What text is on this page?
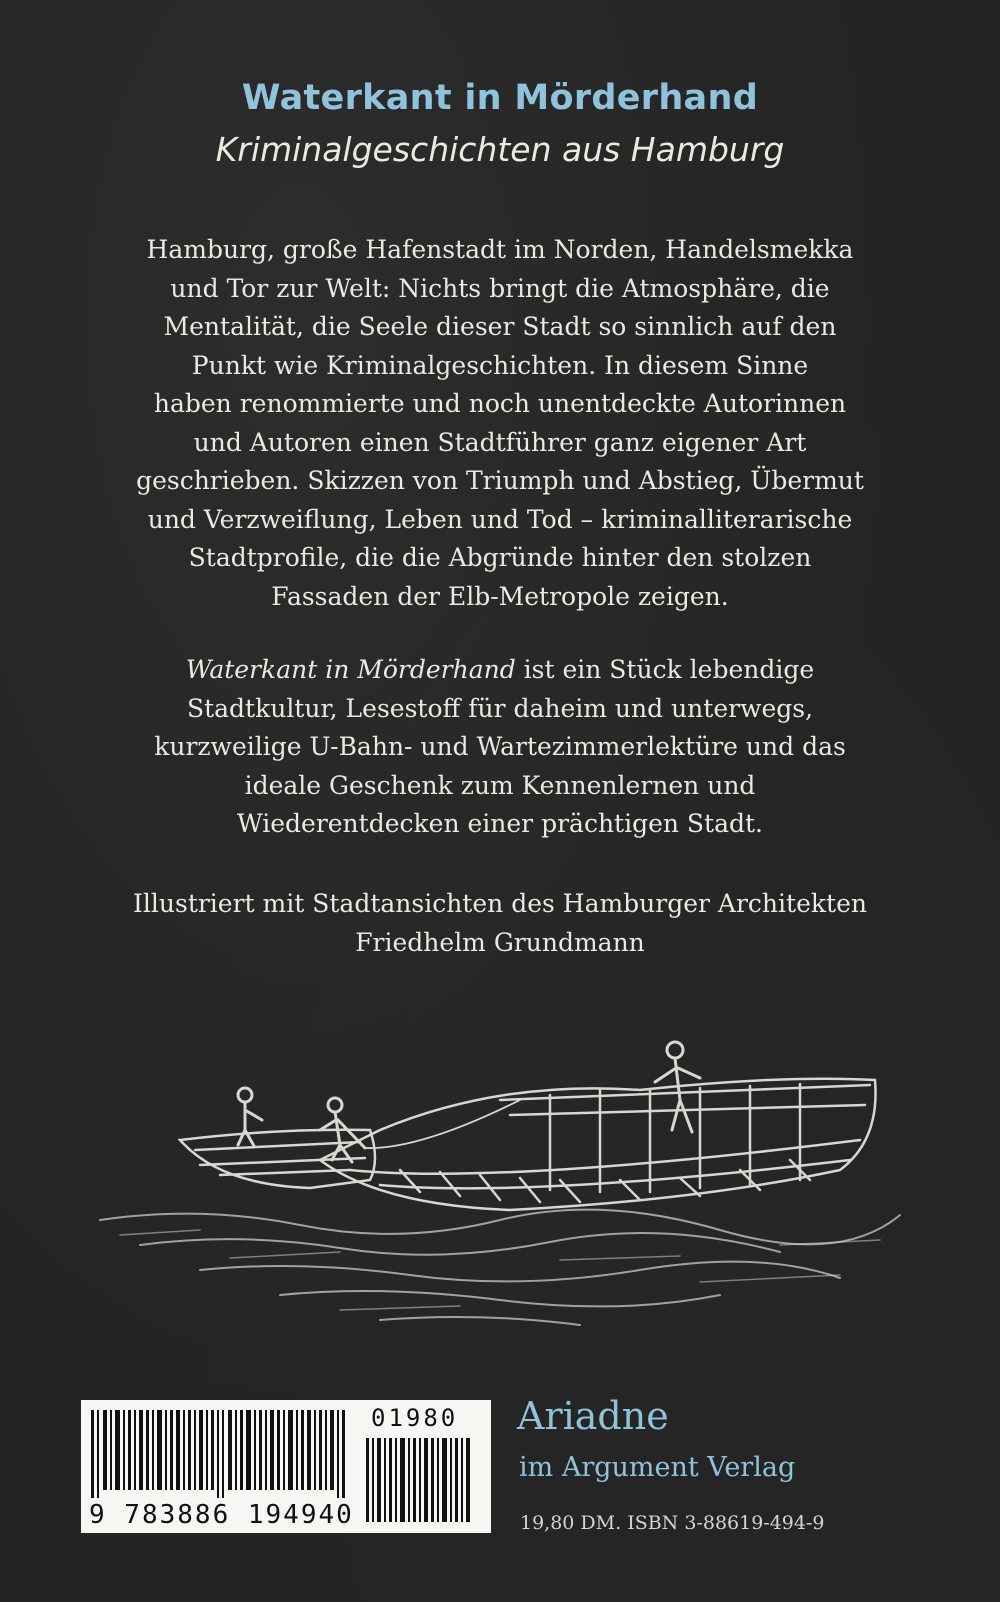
Waterkant in Mörderhand
Kriminalgeschichten aus Hamburg

Hamburg, große Hafenstadt im Norden, Handelsmekka
und Tor zur Welt: Nichts bringt die Atmosphäre, die
Mentalität, die Seele dieser Stadt so sinnlich auf den
Punkt wie Kriminalgeschichten. In diesem Sinne
haben renommierte und noch unentdeckte Autorinnen
und Autoren einen Stadtführer ganz eigener Art
geschrieben. Skizzen von Triumph und Abstieg, Übermut
und Verzweiflung, Leben und Tod – kriminalliterarische
Stadtprofile, die die Abgründe hinter den stolzen
Fassaden der Elb-Metropole zeigen.

Waterkant in Mörderhand ist ein Stück lebendige
Stadtkultur, Lesestoff für daheim und unterwegs,
kurzweilige U-Bahn- und Wartezimmerlektüre und das
ideale Geschenk zum Kennenlernen und
Wiederentdecken einer prächtigen Stadt.

Illustriert mit Stadtansichten des Hamburger Architekten
Friedhelm Grundmann

9 783886 194940
01980 Ariadne
im Argument Verlag
19,80 DM. ISBN 3-88619-494-9
